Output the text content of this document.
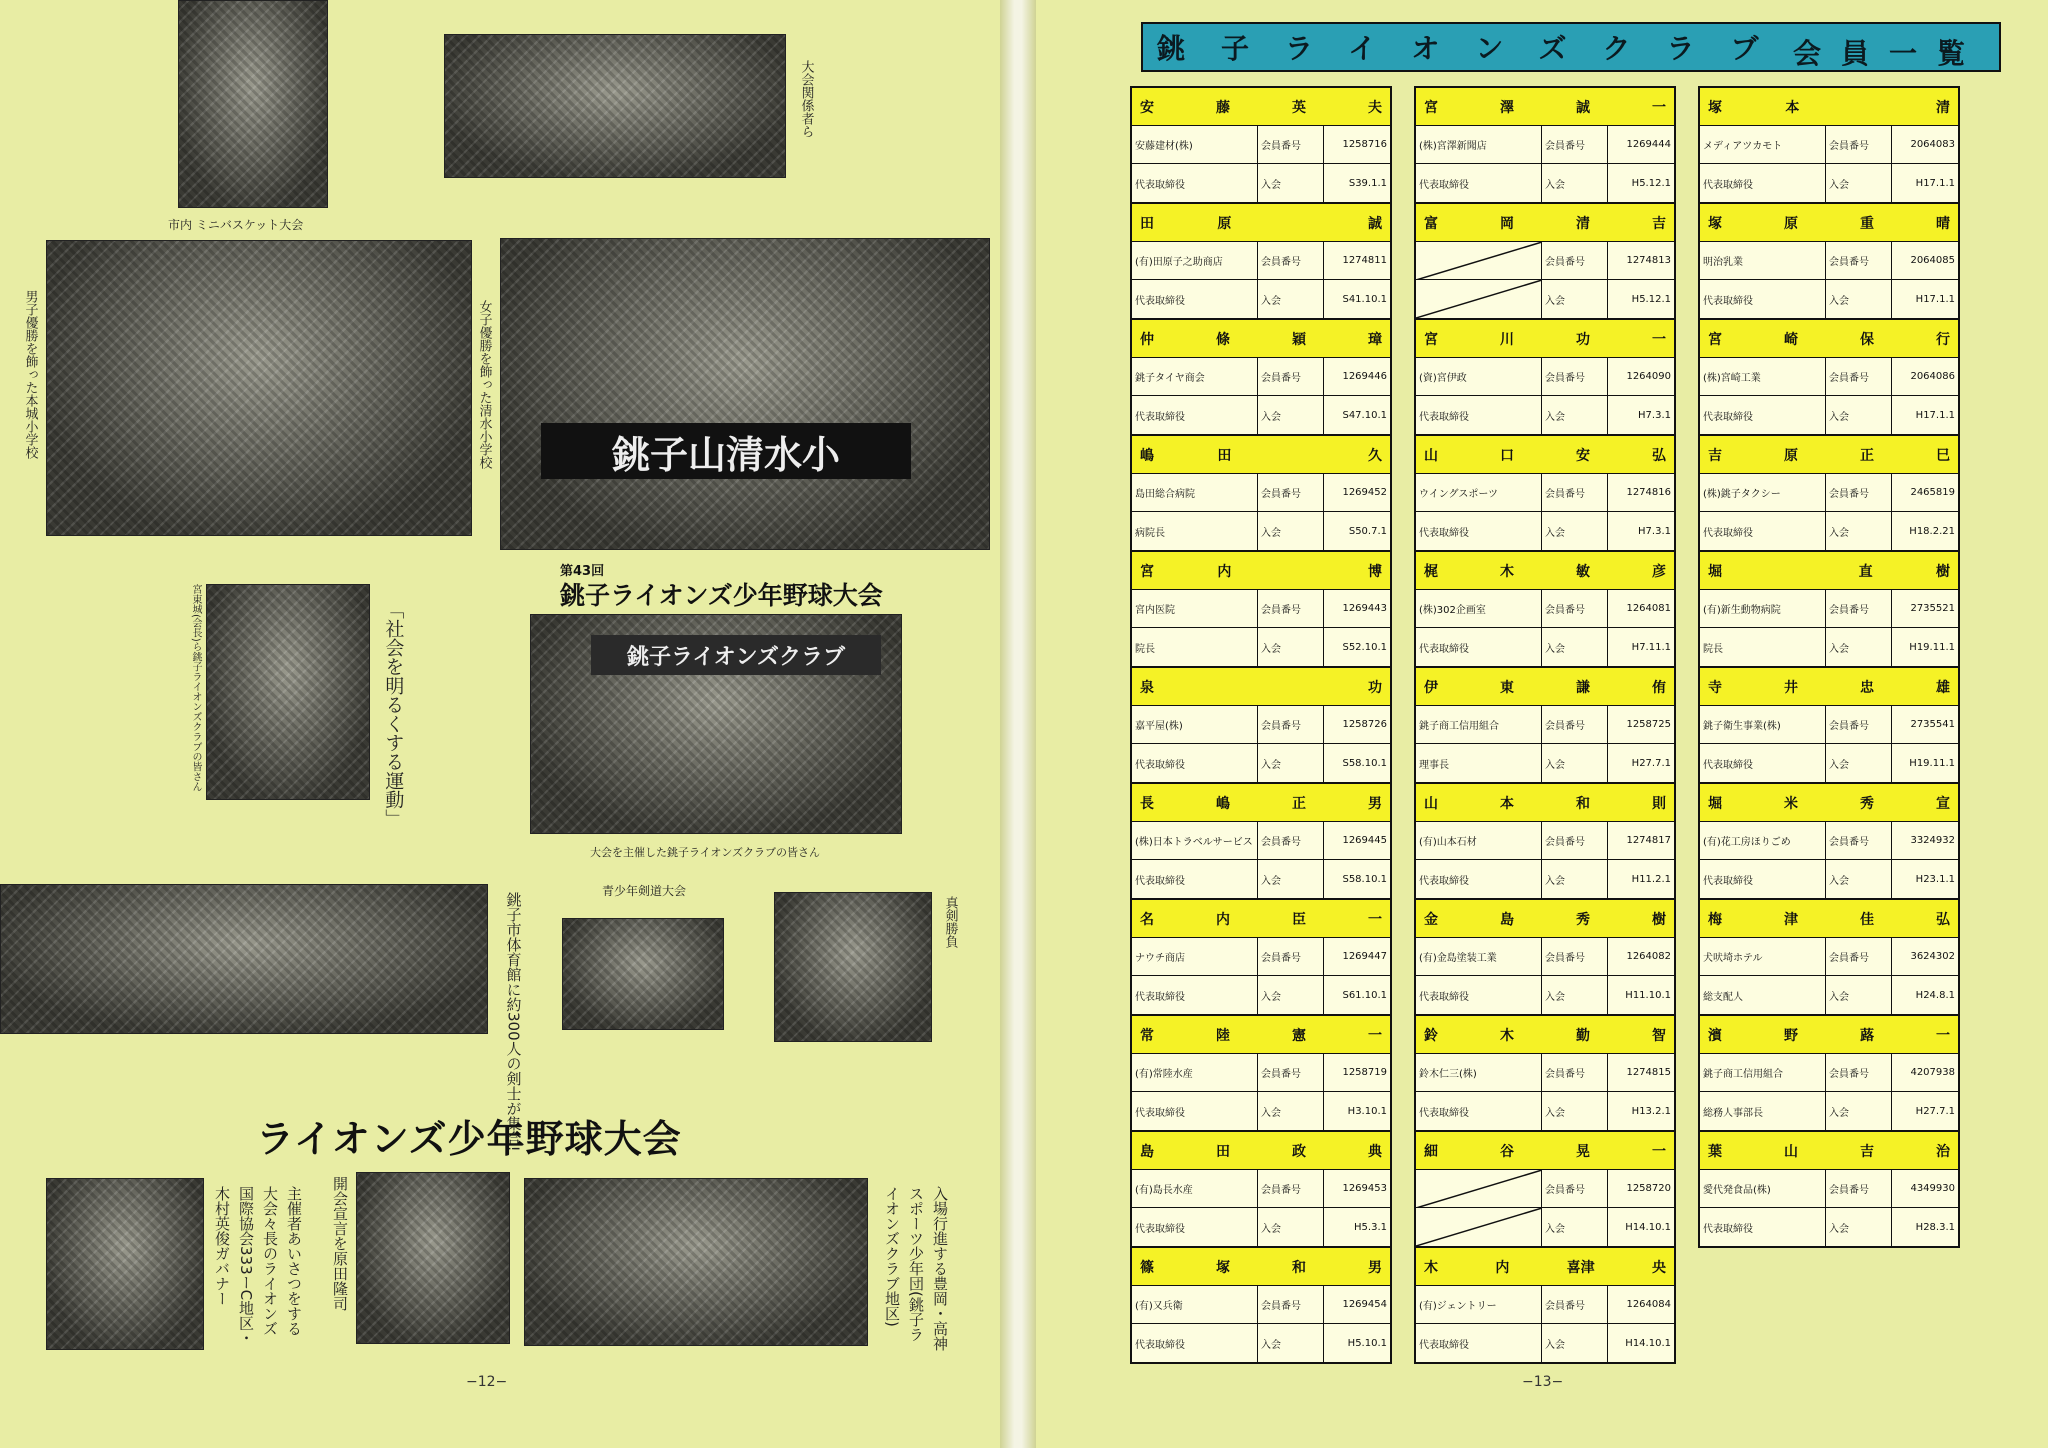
市内 ミニバスケット大会
大会関係者ら
男子優勝を飾った本城小学校	銚子山清水小
女子優勝を飾った清水小学校
宮東城(会長)ら銚子ライオンズクラブの皆さん	「社会を明るくする運動」
第43回
銚子ライオンズ少年野球大会
銚子ライオンズクラブ
大会を主催した銚子ライオンズクラブの皆さん
銚子市体育館に約300人の剣士が集合!
青少年剣道大会
真剣勝負
ライオンズ少年野球大会
主催者あいさつをする大会々長のライオンズ国際協会333ーC地区・木村英俊ガバナー	開会宣言を原田隆司	入場行進する豊岡・高神スポーツ少年団(銚子ライオンズクラブ地区)
−12−
銚子ライオンズクラブ
会員一覧
安	藤	英	夫
安藤建材(株)	会員番号	1258716
代表取締役	入会	S39.1.1
田	原	誠
(有)田原子之助商店	会員番号	1274811
代表取締役	入会	S41.10.1
仲	條	穎	璋
銚子タイヤ商会	会員番号	1269446
代表取締役	入会	S47.10.1
嶋	田	久
島田総合病院	会員番号	1269452
病院長	入会	S50.7.1
宮	内	博
宮内医院	会員番号	1269443
院長	入会	S52.10.1
泉	功
嘉平屋(株)	会員番号	1258726
代表取締役	入会	S58.10.1
長	嶋	正	男
(株)日本トラベルサービス 会員番号	1269445
代表取締役	入会	S58.10.1
名	内	臣	一
ナウチ商店	会員番号	1269447
代表取締役	入会	S61.10.1
常	陸	憲	一
(有)常陸水産	会員番号	1258719
代表取締役	入会	H3.10.1
島	田	政	典
(有)島長水産	会員番号	1269453
代表取締役	入会	H5.3.1
篠	塚	和	男
(有)又兵衛	会員番号	1269454
代表取締役	入会	H5.10.1
宮	澤	誠	一
(株)宮澤新聞店	会員番号	1269444
代表取締役	入会	H5.12.1
富	岡	清	吉
会員番号	1274813
入会	H5.12.1
宮	川	功	一
(資)宮伊政	会員番号	1264090
代表取締役	入会	H7.3.1
山	口	安	弘
ウイングスポーツ	会員番号	1274816
代表取締役	入会	H7.3.1
梶	木	敏	彦
(株)302企画室	会員番号	1264081
代表取締役	入会	H7.11.1
伊	東	謙	侑
銚子商工信用組合	会員番号	1258725
理事長	入会	H27.7.1
山	本	和	則
(有)山本石材	会員番号	1274817
代表取締役	入会	H11.2.1
金	島	秀	樹
(有)金島塗装工業	会員番号	1264082
代表取締役	入会	H11.10.1
鈴	木	勤	智
鈴木仁三(株)	会員番号	1274815
代表取締役	入会	H13.2.1
細	谷	晃	一
会員番号	1258720
入会	H14.10.1
木	内	喜津	央
(有)ジェントリー	会員番号	1264084
代表取締役	入会	H14.10.1
塚	本	清
メディアツカモト	会員番号	2064083
代表取締役	入会	H17.1.1
塚	原	重	晴
明治乳業	会員番号	2064085
代表取締役	入会	H17.1.1
宮	崎	保	行
(株)宮崎工業	会員番号	2064086
代表取締役	入会	H17.1.1
吉	原	正	巳
(株)銚子タクシー	会員番号	2465819
代表取締役	入会	H18.2.21
堀	直	樹
(有)新生動物病院	会員番号	2735521
院長	入会	H19.11.1
寺	井	忠	雄
銚子衛生事業(株)	会員番号	2735541
代表取締役	入会	H19.11.1
堀	米	秀	宣
(有)花工房ほりごめ	会員番号	3324932
代表取締役	入会	H23.1.1
梅	津	佳	弘
犬吠埼ホテル	会員番号	3624302
総支配人	入会	H24.8.1
濱	野	蕗	一
銚子商工信用組合	会員番号	4207938
総務人事部長	入会	H27.7.1
葉	山	吉	治
愛代発食品(株)	会員番号	4349930
代表取締役	入会	H28.3.1
−13−
